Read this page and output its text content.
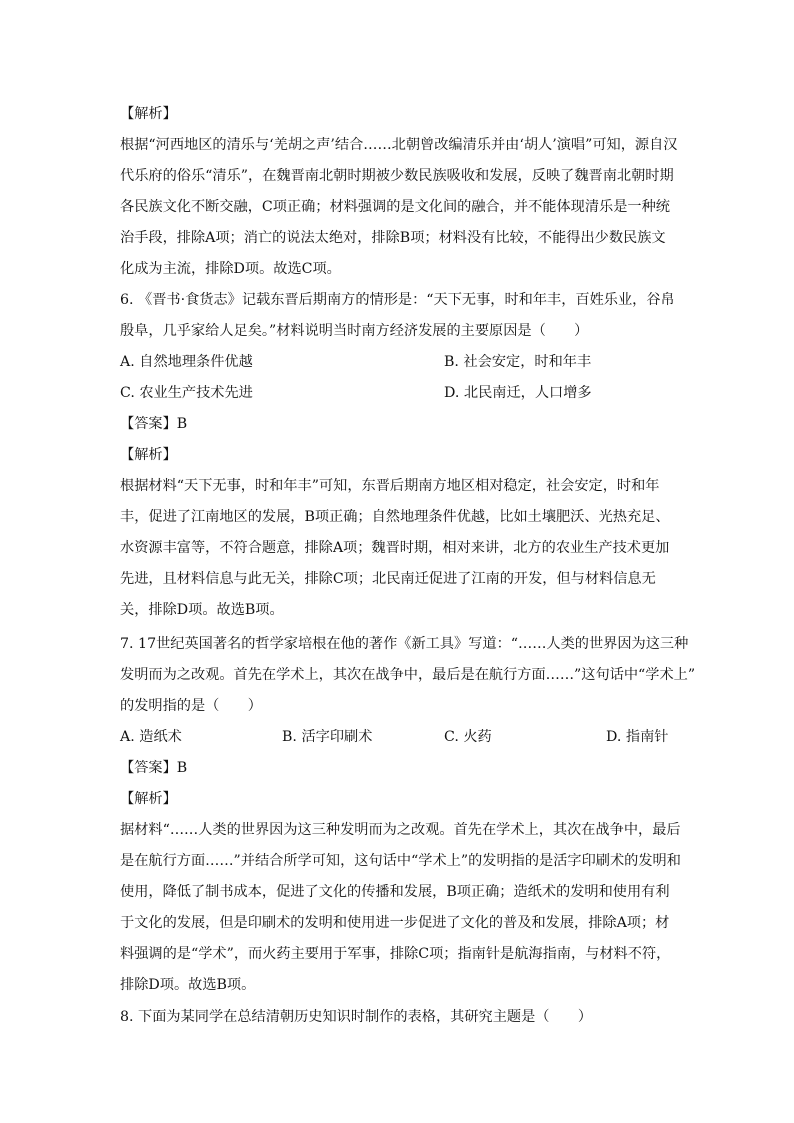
【解析】
根据“河西地区的清乐与‘羌胡之声’结合……北朝曾改编清乐并由‘胡人’演唱”可知，源自汉
代乐府的俗乐“清乐”，在魏晋南北朝时期被少数民族吸收和发展，反映了魏晋南北朝时期
各民族文化不断交融，C项正确；材料强调的是文化间的融合，并不能体现清乐是一种统
治手段，排除A项；消亡的说法太绝对，排除B项；材料没有比较，不能得出少数民族文
化成为主流，排除D项。故选C项。
6. 《晋书·食货志》记载东晋后期南方的情形是：“天下无事，时和年丰，百姓乐业，谷帛
殷阜，几乎家给人足矣。”材料说明当时南方经济发展的主要原因是（　　）
A. 自然地理条件优越	B. 社会安定，时和年丰
C. 农业生产技术先进	D. 北民南迁，人口增多
【答案】B
【解析】
根据材料“天下无事，时和年丰”可知，东晋后期南方地区相对稳定，社会安定，时和年
丰，促进了江南地区的发展，B项正确；自然地理条件优越，比如土壤肥沃、光热充足、
水资源丰富等，不符合题意，排除A项；魏晋时期，相对来讲，北方的农业生产技术更加
先进，且材料信息与此无关，排除C项；北民南迁促进了江南的开发，但与材料信息无
关，排除D项。故选B项。
7. 17世纪英国著名的哲学家培根在他的著作《新工具》写道：“……人类的世界因为这三种
发明而为之改观。首先在学术上，其次在战争中，最后是在航行方面……”这句话中“学术上”
的发明指的是（　　）
A. 造纸术	B. 活字印刷术	C. 火药	D. 指南针
【答案】B
【解析】
据材料“……人类的世界因为这三种发明而为之改观。首先在学术上，其次在战争中，最后
是在航行方面……”并结合所学可知，这句话中“学术上”的发明指的是活字印刷术的发明和
使用，降低了制书成本，促进了文化的传播和发展，B项正确；造纸术的发明和使用有利
于文化的发展，但是印刷术的发明和使用进一步促进了文化的普及和发展，排除A项；材
料强调的是“学术”，而火药主要用于军事，排除C项；指南针是航海指南，与材料不符，
排除D项。故选B项。
8. 下面为某同学在总结清朝历史知识时制作的表格，其研究主题是（　　）
